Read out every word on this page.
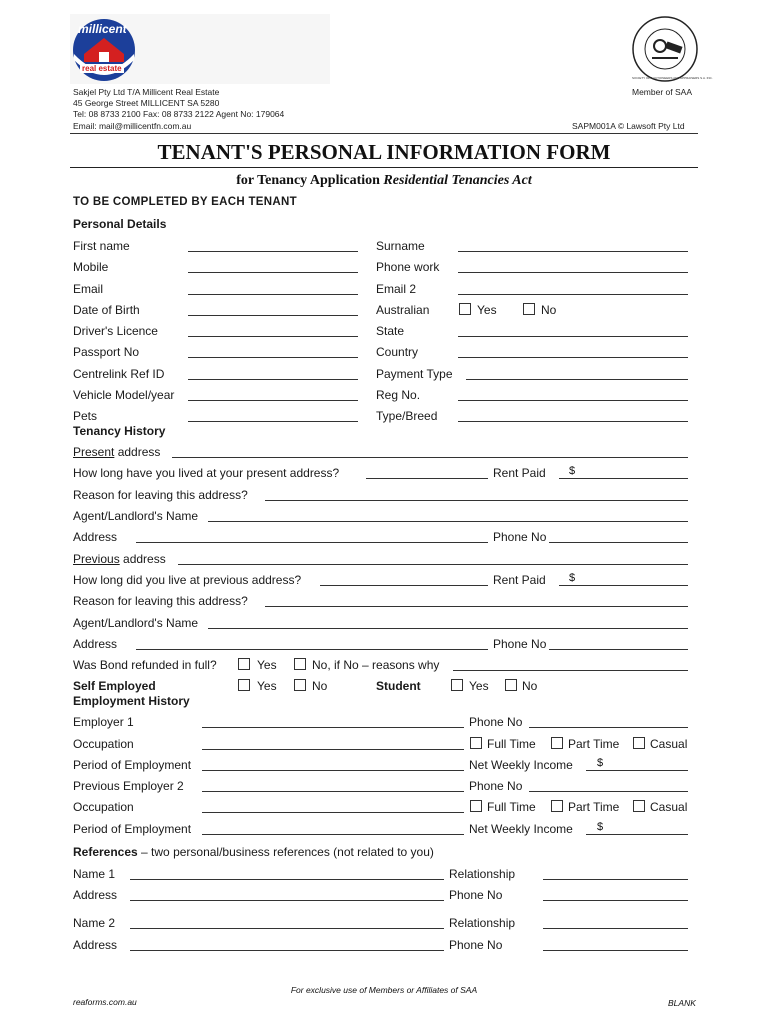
millicent
real estate
SOCIETY OF AUCTIONEERS AND APPRAISERS S.A. INC.
Sakjel Pty Ltd T/A Millicent Real Estate
45 George Street MILLICENT SA 5280
Tel: 08 8733 2100 Fax: 08 8733 2122 Agent No: 179064
Email: mail@millicentfn.com.au
Member of SAA
SAPM001A © Lawsoft Pty Ltd
TENANT'S PERSONAL INFORMATION FORM
for Tenancy Application Residential Tenancies Act
TO BE COMPLETED BY EACH TENANT
Personal Details
First name	Surname
Mobile	Phone work
Email	Email 2
Date of Birth	Australian	Yes	No
Driver's Licence	State
Passport No	Country
Centrelink Ref ID	Payment Type
Vehicle Model/year	Reg No.
Pets	Type/Breed
Tenancy History
Present address
How long have you lived at your present address?	Rent Paid $
Reason for leaving this address?
Agent/Landlord's Name
Address	Phone No
Previous address
How long did you live at previous address?	Rent Paid $
Reason for leaving this address?
Agent/Landlord's Name
Address	Phone No
Was Bond refunded in full?	Yes	No, if No – reasons why
Self Employed	Yes	No	Student	Yes	No
Employment History
Employer 1	Phone No
Occupation	Full Time	Part Time	Casual
Period of Employment	Net Weekly Income $
Previous Employer 2	Phone No
Occupation	Full Time	Part Time	Casual
Period of Employment	Net Weekly Income $
References – two personal/business references (not related to you)
Name 1	Relationship
Address	Phone No
Name 2	Relationship
Address	Phone No
For exclusive use of Members or Affiliates of SAA
reaforms.com.au	BLANK
